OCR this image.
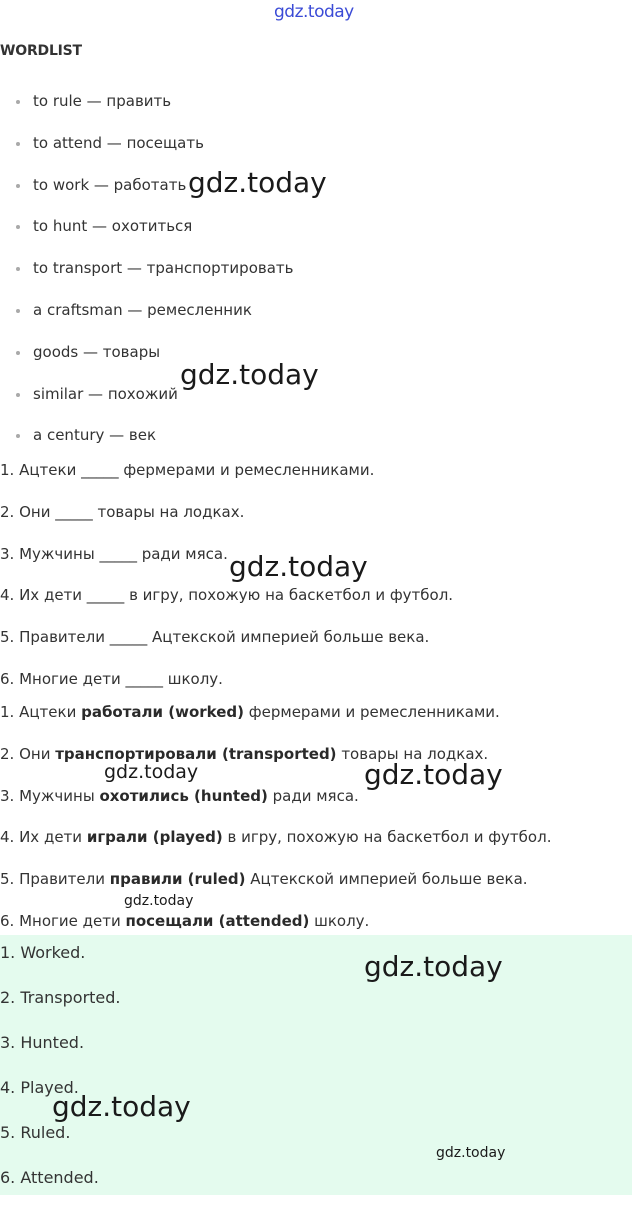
gdz.today
WORDLIST
to rule — править
to attend — посещать
to work — работать
to hunt — охотиться
to transport — транспортировать
a craftsman — ремесленник
goods — товары
similar — похожий
a century — век
1. Ацтеки _____ фермерами и ремесленниками.
2. Они _____ товары на лодках.
3. Мужчины _____ ради мяса.
4. Их дети _____ в игру, похожую на баскетбол и футбол.
5. Правители _____ Ацтекской империей больше века.
6. Многие дети _____ школу.
1. Ацтеки работали (worked) фермерами и ремесленниками.
2. Они транспортировали (transported) товары на лодках.
3. Мужчины охотились (hunted) ради мяса.
4. Их дети играли (played) в игру, похожую на баскетбол и футбол.
5. Правители правили (ruled) Ацтекской империей больше века.
6. Многие дети посещали (attended) школу.
1. Worked.
2. Transported.
3. Hunted.
4. Played.
5. Ruled.
6. Attended.
gdz.today
gdz.today
gdz.today
gdz.today	gdz.today
gdz.today
gdz.today
gdz.today
gdz.today
